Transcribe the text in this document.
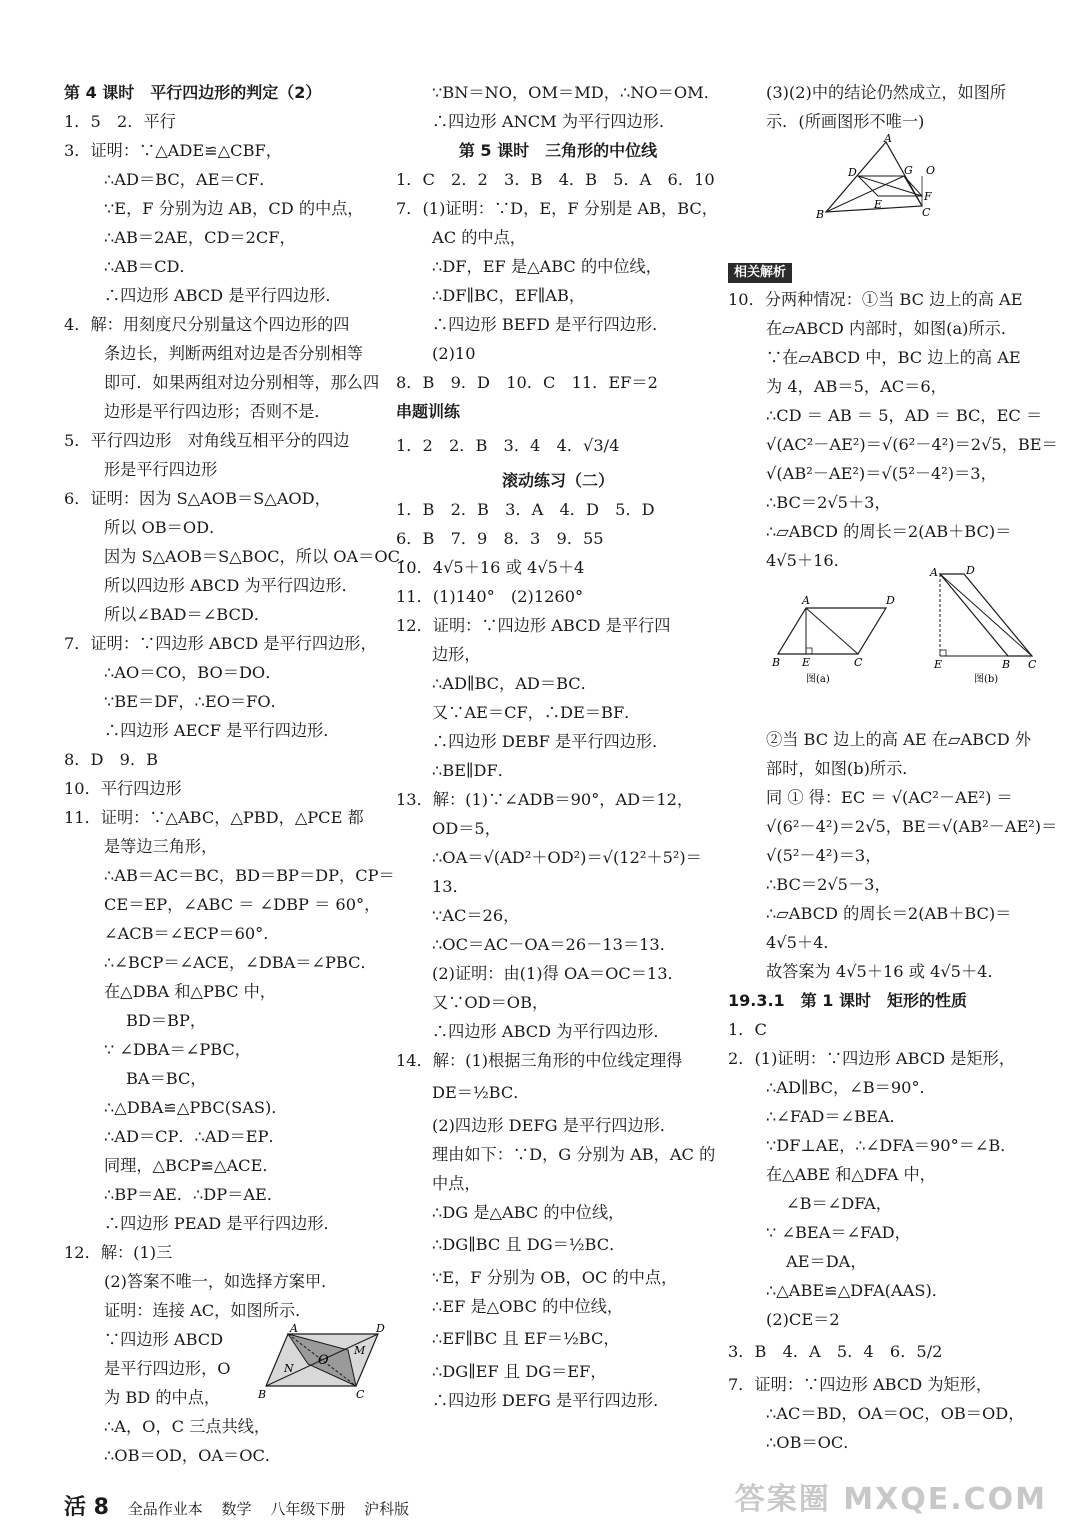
第 4 课时　平行四边形的判定（2）
1．5　2．平行
3．证明：∵△ADE≌△CBF，
∴AD＝BC，AE＝CF．
∵E，F 分别为边 AB，CD 的中点，
∴AB＝2AE，CD＝2CF，
∴AB＝CD．
∴四边形 ABCD 是平行四边形．
4．解：用刻度尺分别量这个四边形的四
条边长，判断两组对边是否分别相等
即可．如果两组对边分别相等，那么四
边形是平行四边形；否则不是．
5．平行四边形　对角线互相平分的四边
形是平行四边形
6．证明：因为 S△AOB＝S△AOD，
所以 OB＝OD．
因为 S△AOB＝S△BOC，所以 OA＝OC．
所以四边形 ABCD 为平行四边形．
所以∠BAD＝∠BCD．
7．证明：∵四边形 ABCD 是平行四边形，
∴AO＝CO，BO＝DO．
∵BE＝DF，∴EO＝FO．
∴四边形 AECF 是平行四边形．
8．D　9．B
10．平行四边形
11．证明：∵△ABC，△PBD，△PCE 都
是等边三角形，
∴AB＝AC＝BC，BD＝BP＝DP，CP＝
CE＝EP，∠ABC ＝ ∠DBP ＝ 60°，
∠ACB＝∠ECP＝60°．
∴∠BCP＝∠ACE，∠DBA＝∠PBC．
在△DBA 和△PBC 中，
BD＝BP，
∵ ∠DBA＝∠PBC，
BA＝BC，
∴△DBA≌△PBC(SAS)．
∴AD＝CP．∴AD＝EP．
同理，△BCP≌△ACE．
∴BP＝AE．∴DP＝AE．
∴四边形 PEAD 是平行四边形．
12．解：(1)三
(2)答案不唯一，如选择方案甲．
证明：连接 AC，如图所示．
∵四边形 ABCD
是平行四边形，O
为 BD 的中点，
∴A，O，C 三点共线，
∴OB＝OD，OA＝OC．
A	D
N
M
O
B	C
∵BN＝NO，OM＝MD，∴NO＝OM．
∴四边形 ANCM 为平行四边形．
第 5 课时　三角形的中位线
1．C　2．2　3．B　4．B　5．A　6．10
7．(1)证明：∵D，E，F 分别是 AB，BC，
AC 的中点，
∴DF，EF 是△ABC 的中位线，
∴DF∥BC，EF∥AB，
∴四边形 BEFD 是平行四边形．
(2)10
8．B　9．D　10．C　11．EF＝2
串题训练
1．2　2．B　3．4　4．√3/4
滚动练习（二）
1．B　2．B　3．A　4．D　5．D
6．B　7．9　8．3　9．55
10．4√5＋16 或 4√5＋4
11．(1)140°　(2)1260°
12．证明：∵四边形 ABCD 是平行四
边形，
∴AD∥BC，AD＝BC．
又∵AE＝CF，∴DE＝BF．
∴四边形 DEBF 是平行四边形．
∴BE∥DF．
13．解：(1)∵∠ADB＝90°，AD＝12，
OD＝5，
∴OA＝√(AD²＋OD²)＝√(12²＋5²)＝
13．
∵AC＝26，
∴OC＝AC－OA＝26－13＝13．
(2)证明：由(1)得 OA＝OC＝13．
又∵OD＝OB，
∴四边形 ABCD 为平行四边形．
14．解：(1)根据三角形的中位线定理得
DE＝½BC．
(2)四边形 DEFG 是平行四边形．
理由如下：∵D，G 分别为 AB，AC 的
中点，
∴DG 是△ABC 的中位线，
∴DG∥BC 且 DG＝½BC．
∵E，F 分别为 OB，OC 的中点，
∴EF 是△OBC 的中位线，
∴EF∥BC 且 EF＝½BC，
∴DG∥EF 且 DG＝EF，
∴四边形 DEFG 是平行四边形．
(3)(2)中的结论仍然成立，如图所
示．(所画图形不唯一)
相关解析
10．分两种情况：①当 BC 边上的高 AE
在▱ABCD 内部时，如图(a)所示．
∵在▱ABCD 中，BC 边上的高 AE
为 4，AB＝5，AC＝6，
∴CD ＝ AB ＝ 5，AD ＝ BC，EC ＝
√(AC²－AE²)＝√(6²－4²)＝2√5，BE＝
√(AB²－AE²)＝√(5²－4²)＝3，
∴BC＝2√5＋3，
∴▱ABCD 的周长＝2(AB＋BC)＝
4√5＋16．
②当 BC 边上的高 AE 在▱ABCD 外
部时，如图(b)所示．
同 ① 得：EC ＝ √(AC²－AE²) ＝
√(6²－4²)＝2√5，BE＝√(AB²－AE²)＝
√(5²－4²)＝3，
∴BC＝2√5－3，
∴▱ABCD 的周长＝2(AB＋BC)＝
4√5＋4．
故答案为 4√5＋16 或 4√5＋4．
19.3.1　第 1 课时　矩形的性质
1．C
2．(1)证明：∵四边形 ABCD 是矩形，
∴AD∥BC，∠B＝90°．
∴∠FAD＝∠BEA．
∵DF⊥AE，∴∠DFA＝90°＝∠B．
在△ABE 和△DFA 中，
∠B＝∠DFA，
∵ ∠BEA＝∠FAD，
AE＝DA，
∴△ABE≌△DFA(AAS)．
(2)CE＝2
3．B　4．A　5．4　6．5/2
7．证明：∵四边形 ABCD 为矩形，
∴AC＝BD，OA＝OC，OB＝OD，
∴OB＝OC．
A
D	G O
E
F
B	C
A	D
B E	C
图(a)
A	D
E	B C
图(b)
活 8 全品作业本 数学 八年级下册 沪科版	答案圈 MXQE.COM
